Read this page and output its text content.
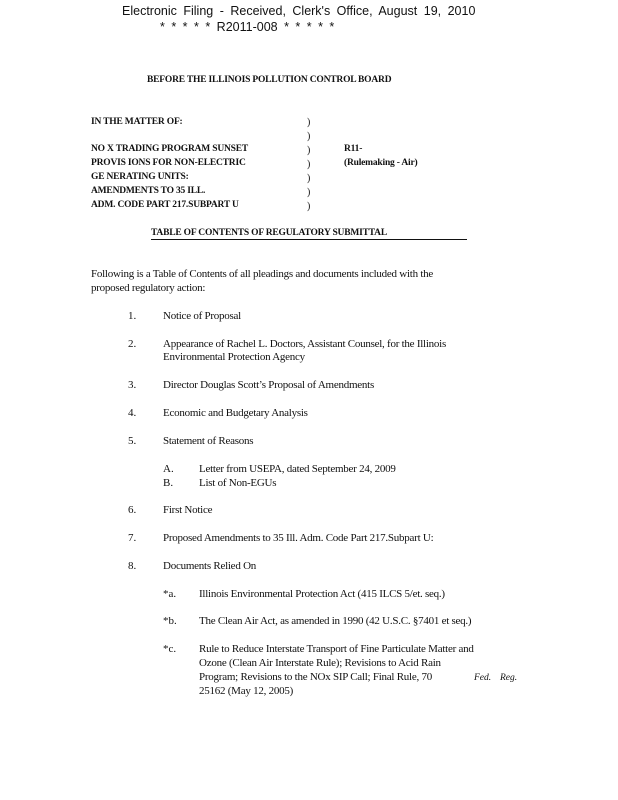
Electronic Filing - Received, Clerk's Office, August 19, 2010
* * * * * R2011-008 * * * * *
BEFORE THE ILLINOIS POLLUTION CONTROL BOARD
IN THE MATTER OF:
NO X TRADING PROGRAM SUNSET
PROVIS IONS FOR NON-ELECTRIC
GE NERATING UNITS:
AMENDMENTS TO 35 ILL.
ADM. CODE PART 217.SUBPART U
)
)
)
)
)
)
)
R11-
(Rulemaking - Air)
TABLE OF CONTENTS OF REGULATORY SUBMITTAL
Following is a Table of Contents of all pleadings and documents included with the
proposed regulatory action:
1. Notice of Proposal
2. Appearance of Rachel L. Doctors, Assistant Counsel, for the Illinois
Environmental Protection Agency
3. Director Douglas Scott’s Proposal of Amendments
4. Economic and Budgetary Analysis
5. Statement of Reasons
A. Letter from USEPA, dated September 24, 2009
B. List of Non-EGUs
6. First Notice
7. Proposed Amendments to 35 Ill. Adm. Code Part 217.Subpart U:
8. Documents Relied On
*a. Illinois Environmental Protection Act (415 ILCS 5/et. seq.)
*b. The Clean Air Act, as amended in 1990 (42 U.S.C. §7401 et seq.)
*c. Rule to Reduce Interstate Transport of Fine Particulate Matter and
Ozone (Clean Air Interstate Rule); Revisions to Acid Rain
Program; Revisions to the NOx SIP Call; Final Rule, 70
25162 (May 12, 2005)
Fed. Reg.
